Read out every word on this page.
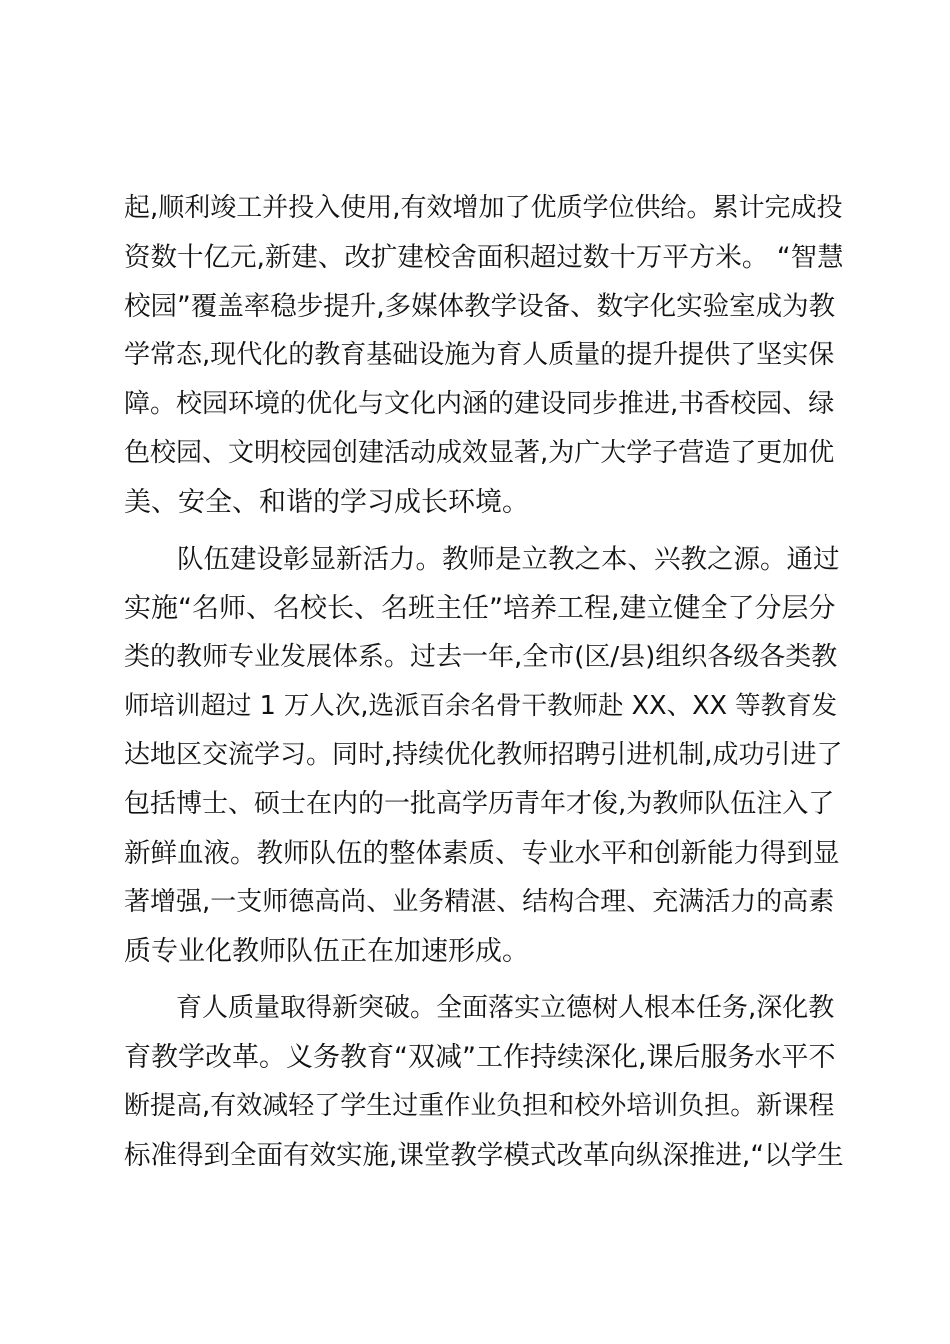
起,顺利竣工并投入使用,有效增加了优质学位供给。累计完成投
资数十亿元,新建、改扩建校舍面积超过数十万平方米。 “智慧
校园”覆盖率稳步提升,多媒体教学设备、数字化实验室成为教
学常态,现代化的教育基础设施为育人质量的提升提供了坚实保
障。校园环境的优化与文化内涵的建设同步推进,书香校园、绿
色校园、文明校园创建活动成效显著,为广大学子营造了更加优
美、安全、和谐的学习成长环境。
　　队伍建设彰显新活力。教师是立教之本、兴教之源。通过
实施“名师、名校长、名班主任”培养工程,建立健全了分层分
类的教师专业发展体系。过去一年,全市(区/县)组织各级各类教
师培训超过 1 万人次,选派百余名骨干教师赴 XX、XX 等教育发
达地区交流学习。同时,持续优化教师招聘引进机制,成功引进了
包括博士、硕士在内的一批高学历青年才俊,为教师队伍注入了
新鲜血液。教师队伍的整体素质、专业水平和创新能力得到显
著增强,一支师德高尚、业务精湛、结构合理、充满活力的高素
质专业化教师队伍正在加速形成。
　　育人质量取得新突破。全面落实立德树人根本任务,深化教
育教学改革。义务教育“双减”工作持续深化,课后服务水平不
断提高,有效减轻了学生过重作业负担和校外培训负担。新课程
标准得到全面有效实施,课堂教学模式改革向纵深推进,“以学生
